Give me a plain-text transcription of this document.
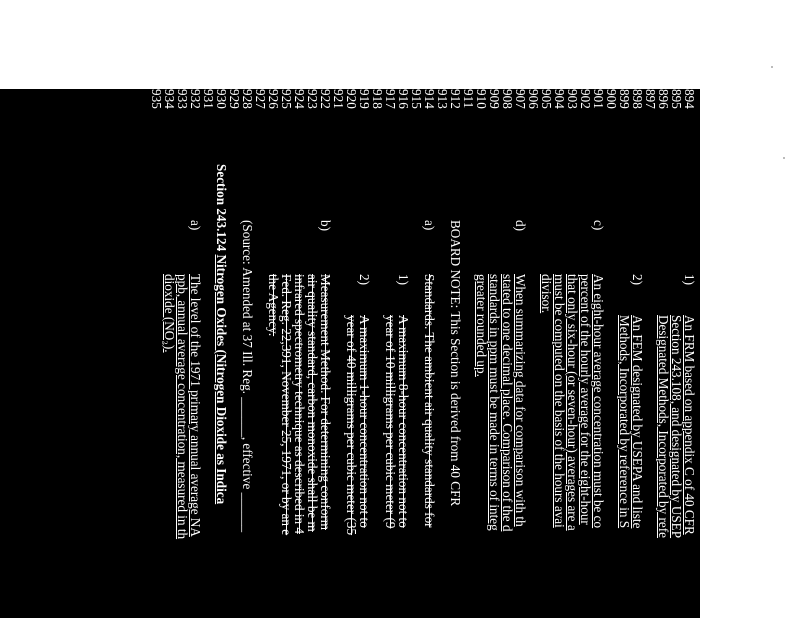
894
1)
An FRM based on appendix C of 40 CFR
895
Section 243.108, and designated by USEP
896
Designated Methods, Incorporated by refe
897
898
2)
An FEM designated by USEPA and liste
899
Methods, Incorporated by reference in S
900
901
c)
An eight-hour average concentration must be co
902
percent of the hourly average for the eight-hour
903
that only six-hour (or seven-hour) averages are a
904
must be computed on the basis of the hours avai
905
divisor.
906
907
d)
When summarizing data for comparison with th
908
stated to one decimal place. Comparison of the d
909
standards in ppm must be made in terms of integ
910
greater rounded up.
911
912
BOARD NOTE: This Section is derived from 40 CFR
913
914
a)
Standards. The ambient air quality standards for
915
916
1)
A maximum 8-hour concentration not to
917
year of 10 milligrams per cubic meter (9
918
919
2)
A maximum 1-hour concentration not to
920
year of 40 milligrams per cubic meter (35
921
922
b)
Measurement Method. For determining conform
923
air quality standard, carbon monoxide shall be m
924
infrared spectrometry technique as described in 4
925
Fed. Reg. 22,391, November 25, 1971, or by an e
926
the Agency.
927
928
(Source: Amended at 37 Ill. Reg. ______, effective ______
929
930
Section 243.124 Nitrogen Oxides (Nitrogen Dioxide as Indica
931
932
a)
The level of the 1971 primary annual average NA
933
ppb, annual average concentration, measured in th
934
dioxide (NO₂).
935
